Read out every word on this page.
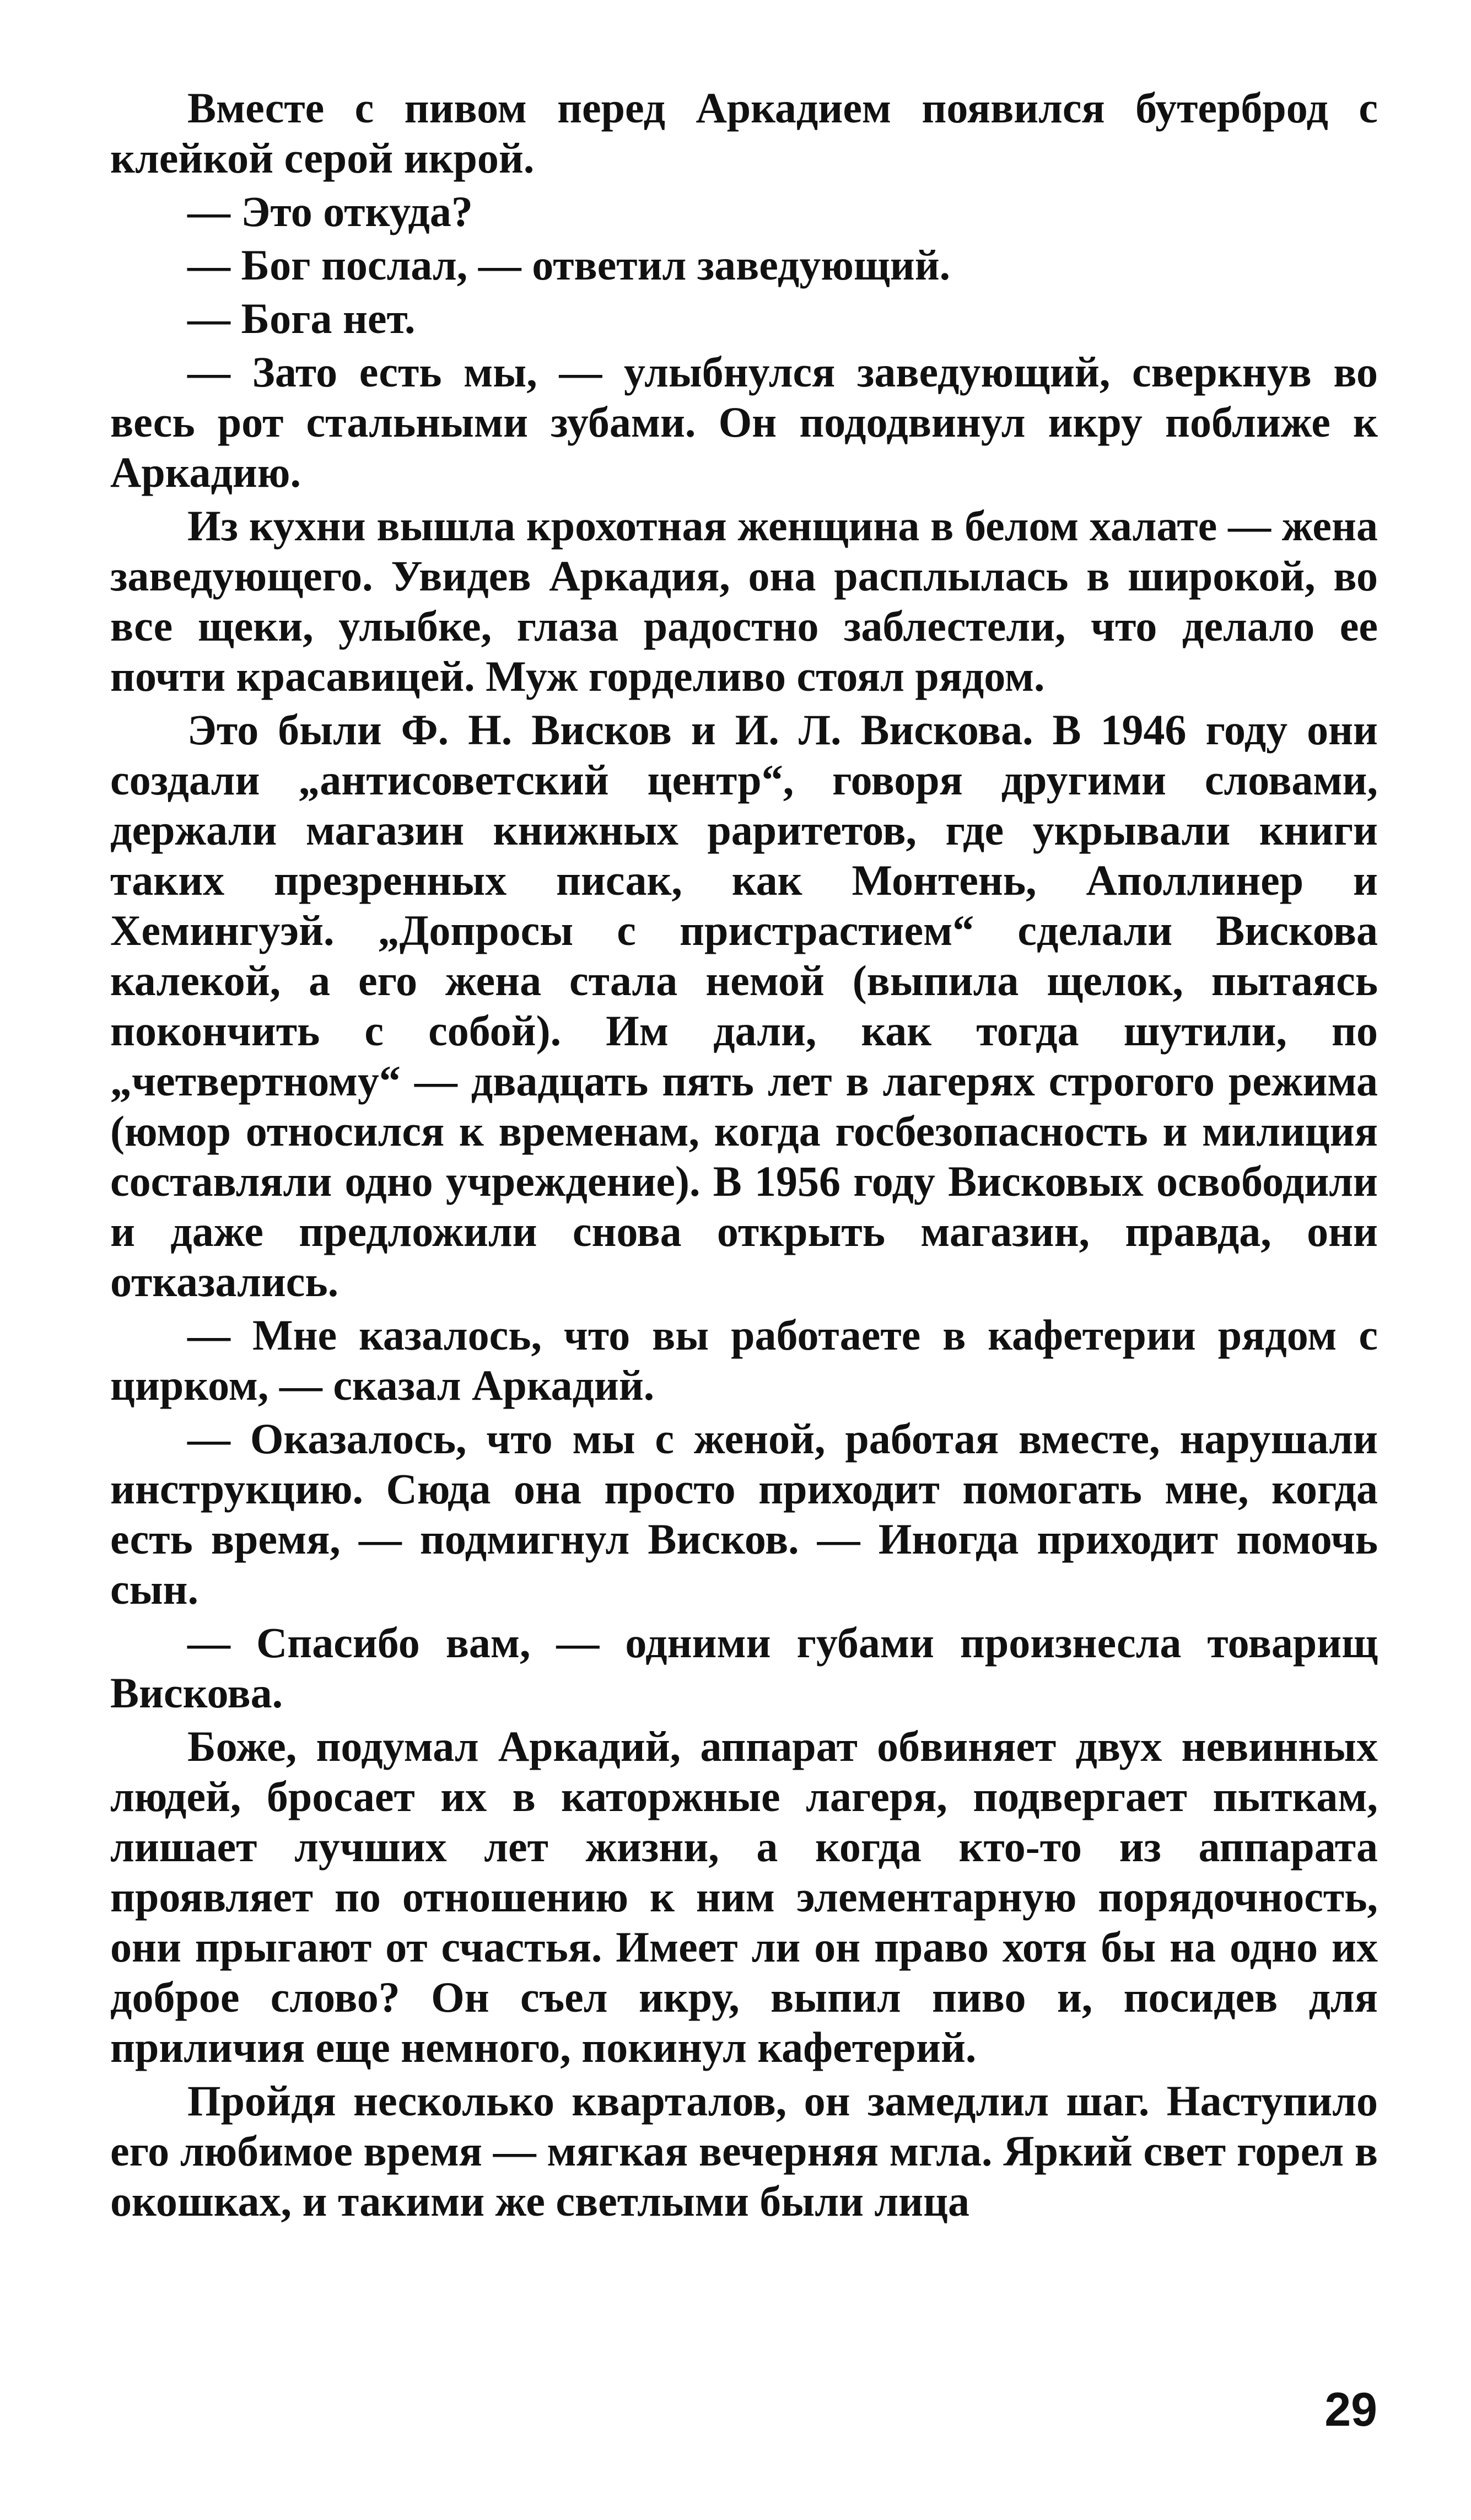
Вместе с пивом перед Аркадием появился бутерброд с клейкой серой икрой.

— Это откуда?

— Бог послал, — ответил заведующий.

— Бога нет.

— Зато есть мы, — улыбнулся заведующий, сверкнув во весь рот стальными зубами. Он пододвинул икру поближе к Аркадию.

Из кухни вышла крохотная женщина в белом халате — жена заведующего. Увидев Аркадия, она расплылась в широкой, во все щеки, улыбке, глаза радостно заблестели, что делало ее почти красавицей. Муж горделиво стоял рядом.

Это были Ф. Н. Висков и И. Л. Вискова. В 1946 году они создали „антисоветский центр“, говоря другими словами, держали магазин книжных раритетов, где укрывали книги таких презренных писак, как Монтень, Аполлинер и Хемингуэй. „Допросы с пристрастием“ сделали Вискова калекой, а его жена стала немой (выпила щелок, пытаясь покончить с собой). Им дали, как тогда шутили, по „четвертному“ — двадцать пять лет в лагерях строгого режима (юмор относился к временам, когда госбезопасность и милиция составляли одно учреждение). В 1956 году Висковых освободили и даже предложили снова открыть магазин, правда, они отказались.

— Мне казалось, что вы работаете в кафетерии рядом с цирком, — сказал Аркадий.

— Оказалось, что мы с женой, работая вместе, нарушали инструкцию. Сюда она просто приходит помогать мне, когда есть время, — подмигнул Висков. — Иногда приходит помочь сын.

— Спасибо вам, — одними губами произнесла товарищ Вискова.

Боже, подумал Аркадий, аппарат обвиняет двух невинных людей, бросает их в каторжные лагеря, подвергает пыткам, лишает лучших лет жизни, а когда кто-то из аппарата проявляет по отношению к ним элементарную порядочность, они прыгают от счастья. Имеет ли он право хотя бы на одно их доброе слово? Он съел икру, выпил пиво и, посидев для приличия еще немного, покинул кафетерий.

Пройдя несколько кварталов, он замедлил шаг. Наступило его любимое время — мягкая вечерняя мгла. Яркий свет горел в окошках, и такими же светлыми были лица

29
